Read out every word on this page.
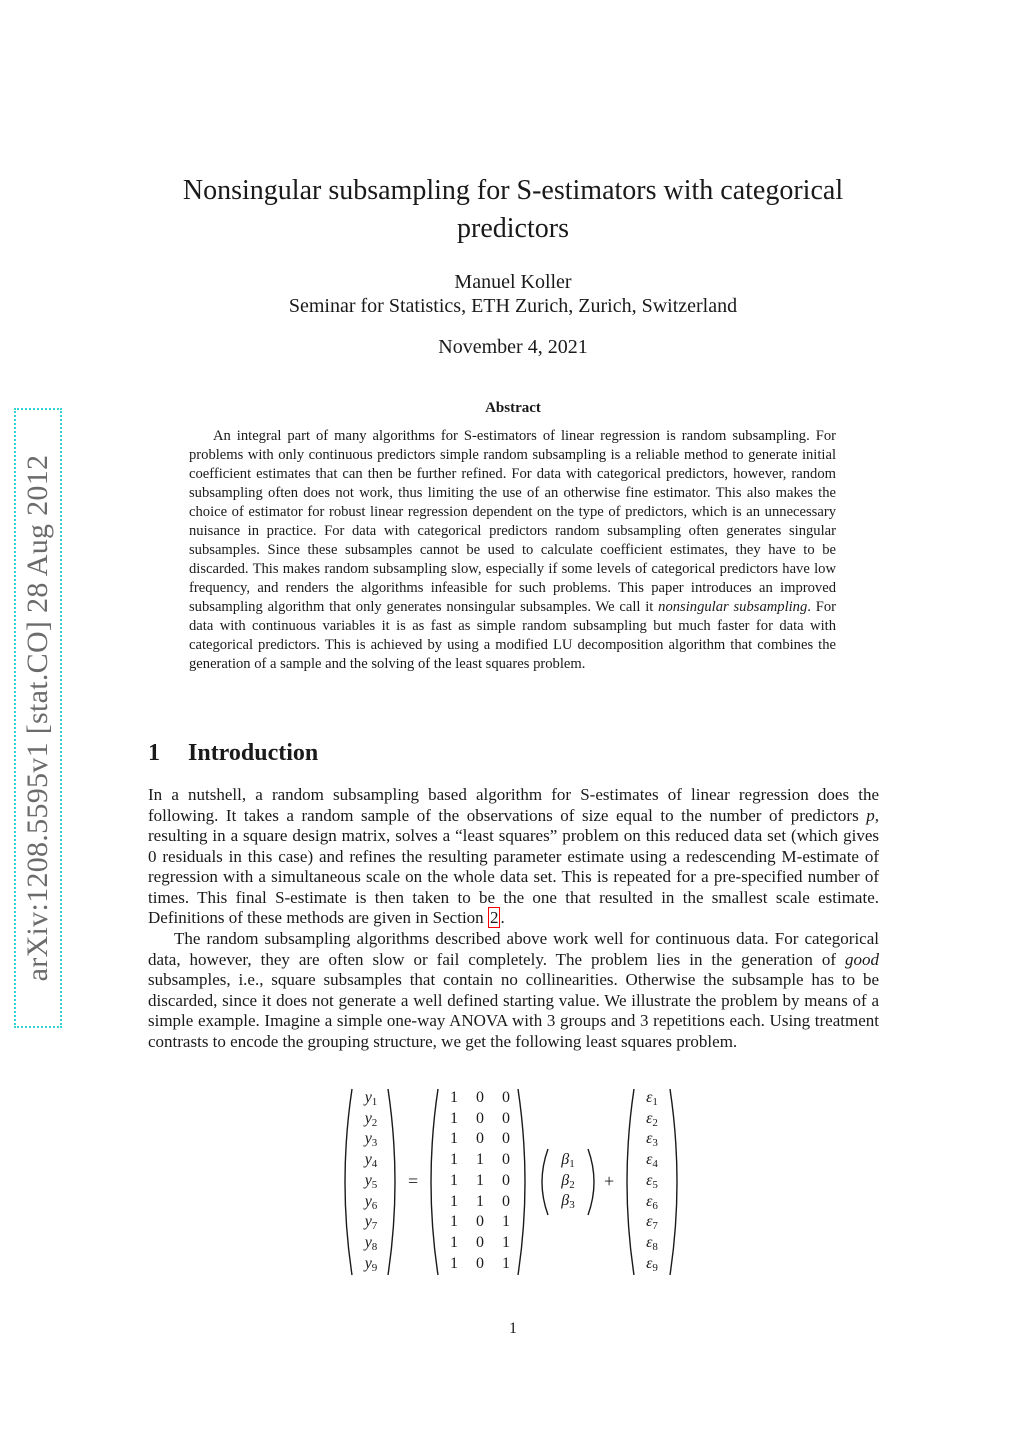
arXiv:1208.5595v1 [stat.CO] 28 Aug 2012
Nonsingular subsampling for S-estimators with categorical predictors
Manuel Koller
Seminar for Statistics, ETH Zurich, Zurich, Switzerland
November 4, 2021
Abstract
An integral part of many algorithms for S-estimators of linear regression is random subsampling. For problems with only continuous predictors simple random subsampling is a reliable method to generate initial coefficient estimates that can then be further refined. For data with categorical predictors, however, random subsampling often does not work, thus limiting the use of an otherwise fine estimator. This also makes the choice of estimator for robust linear regression dependent on the type of predictors, which is an unnecessary nuisance in practice. For data with categorical predictors random subsampling often generates singular subsamples. Since these subsamples cannot be used to calculate coefficient estimates, they have to be discarded. This makes random subsampling slow, especially if some levels of categorical predictors have low frequency, and renders the algorithms infeasible for such problems. This paper introduces an improved subsampling algorithm that only generates nonsingular subsamples. We call it nonsingular subsampling. For data with continuous variables it is as fast as simple random subsampling but much faster for data with categorical predictors. This is achieved by using a modified LU decomposition algorithm that combines the generation of a sample and the solving of the least squares problem.
1 Introduction

In a nutshell, a random subsampling based algorithm for S-estimates of linear regression does the following. It takes a random sample of the observations of size equal to the number of predictors p, resulting in a square design matrix, solves a “least squares” problem on this reduced data set (which gives 0 residuals in this case) and refines the resulting parameter estimate using a redescending M-estimate of regression with a simultaneous scale on the whole data set. This is repeated for a pre-specified number of times. This final S-estimate is then taken to be the one that resulted in the smallest scale estimate. Definitions of these methods are given in Section 2 .

The random subsampling algorithms described above work well for continuous data. For categorical data, however, they are often slow or fail completely. The problem lies in the generation of good subsamples, i.e., square subsamples that contain no collinearities. Otherwise the subsample has to be discarded, since it does not generate a well defined starting value. We illustrate the problem by means of a simple example. Imagine a simple one-way ANOVA with 3 groups and 3 repetitions each. Using treatment contrasts to encode the grouping structure, we get the following least squares problem.

=	+
$y_1$
$y_2$
$y_3$
$y_4$
$y_5$
$y_6$
$y_7$
$y_8$
$y_9$
1	0	0
1	0	0
1	0	0
1	1	0
1	1	0
1	1	0
1	0	1
1	0	1
1	0	1
$\beta_1$
$\beta_2$
$\beta_3$
$\varepsilon_1$
$\varepsilon_2$
$\varepsilon_3$
$\varepsilon_4$
$\varepsilon_5$
$\varepsilon_6$
$\varepsilon_7$
$\varepsilon_8$
$\varepsilon_9$
1
